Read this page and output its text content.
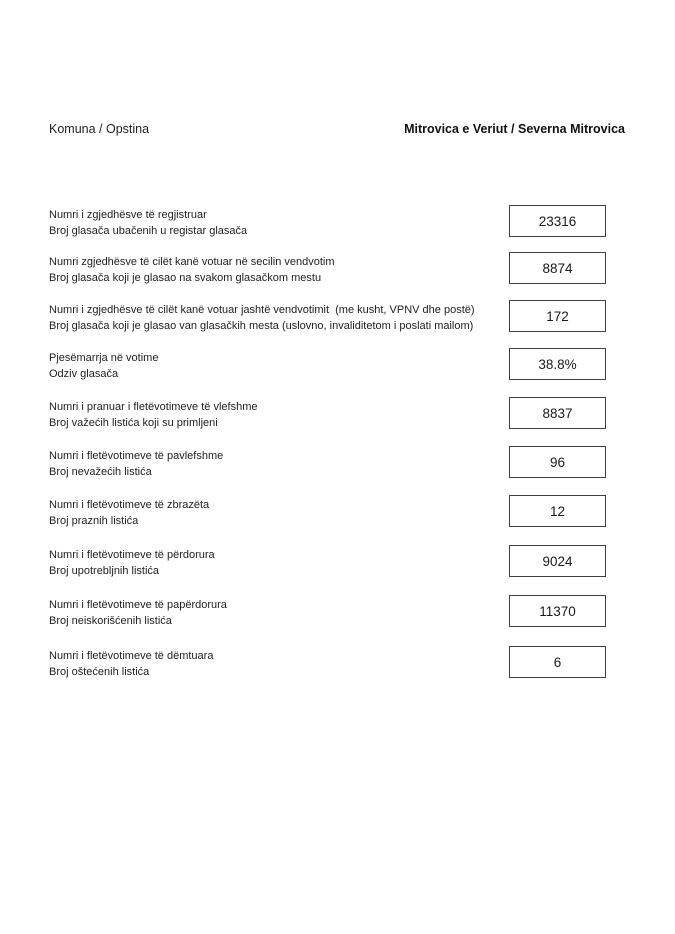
Komuna / Opstina	Mitrovica e Veriut / Severna Mitrovica
Numri i zgjedhësve të regjistruar
Broj glasača ubačenih u registar glasača
23316
Numri zgjedhësve të cilët kanë votuar në secilin vendvotim
Broj glasača koji je glasao na svakom glasačkom mestu
8874
Numri i zgjedhësve të cilët kanë votuar jashtë vendvotimit  (me kusht, VPNV dhe postë)
Broj glasača koji je glasao van glasačkih mesta (uslovno, invaliditetom i poslati mailom)
172
Pjesëmarrja në votime
Odziv glasača
38.8%
Numri i pranuar i fletëvotimeve të vlefshme
Broj važećih listića koji su primljeni
8837
Numri i fletëvotimeve të pavlefshme
Broj nevažećih listića
96
Numri i fletëvotimeve të zbrazëta
Broj praznih listića
12
Numri i fletëvotimeve të përdorura
Broj upotrebljnih listića
9024
Numri i fletëvotimeve të papërdorura
Broj neiskorišćenih listića
11370
Numri i fletëvotimeve të dëmtuara
Broj oštećenih listića
6
